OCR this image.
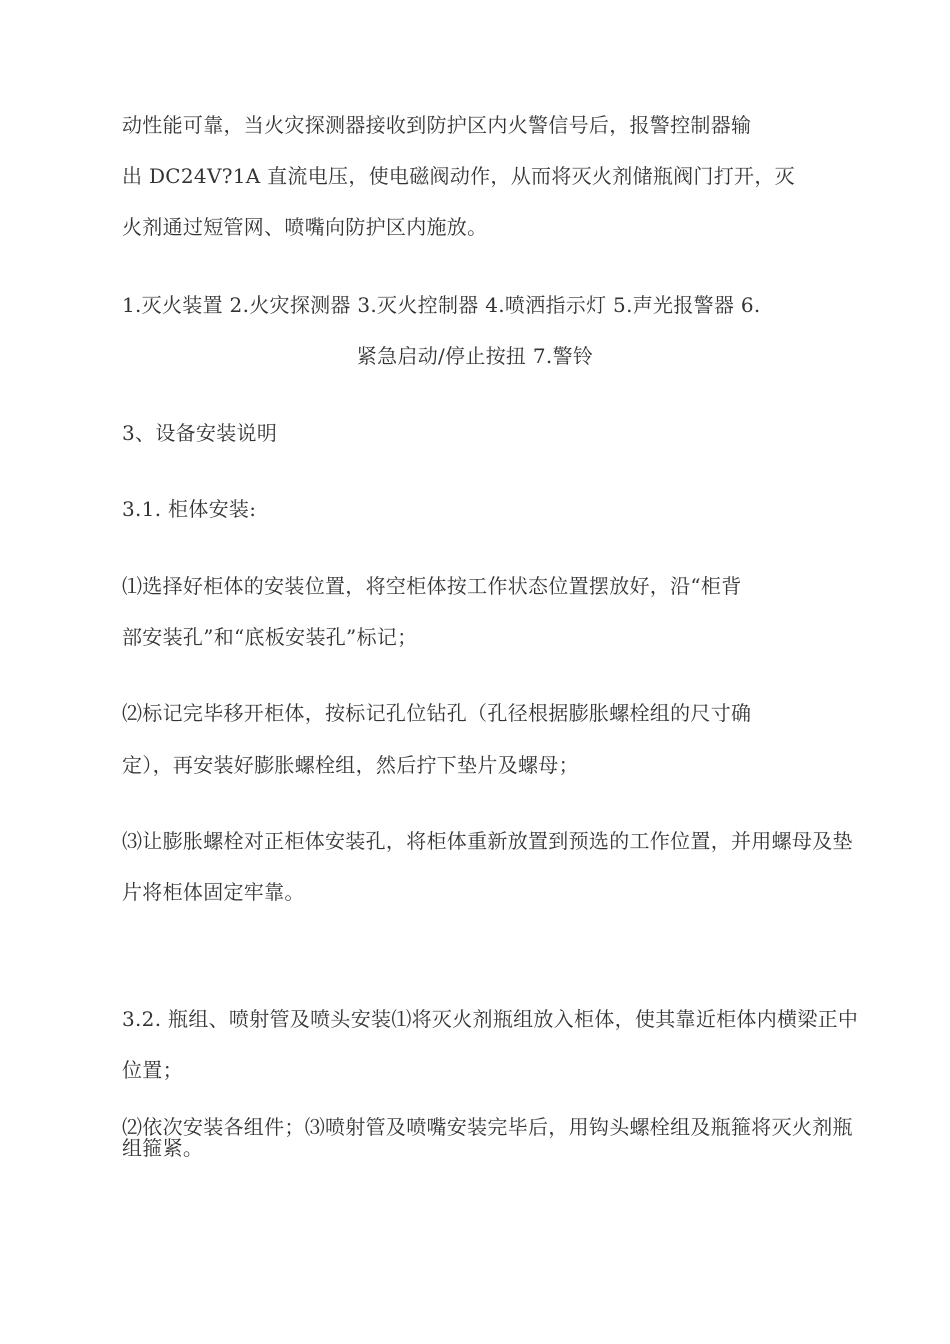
动性能可靠，当火灾探测器接收到防护区内火警信号后，报警控制器输
出 DC24V?1A 直流电压，使电磁阀动作，从而将灭火剂储瓶阀门打开，灭
火剂通过短管网、喷嘴向防护区内施放。
1.灭火装置 2.火灾探测器 3.灭火控制器 4.喷洒指示灯 5.声光报警器 6.
紧急启动/停止按扭 7.警铃
3、设备安装说明
3.1. 柜体安装:
⑴选择好柜体的安装位置，将空柜体按工作状态位置摆放好，沿“柜背
部安装孔”和“底板安装孔”标记；
⑵标记完毕移开柜体，按标记孔位钻孔（孔径根据膨胀螺栓组的尺寸确
定），再安装好膨胀螺栓组，然后拧下垫片及螺母；
⑶让膨胀螺栓对正柜体安装孔，将柜体重新放置到预选的工作位置，并用螺母及垫
片将柜体固定牢靠。
3.2. 瓶组、喷射管及喷头安装⑴将灭火剂瓶组放入柜体，使其靠近柜体内横梁正中
位置；
⑵依次安装各组件；⑶喷射管及喷嘴安装完毕后，用钩头螺栓组及瓶箍将灭火剂瓶
组箍紧。
